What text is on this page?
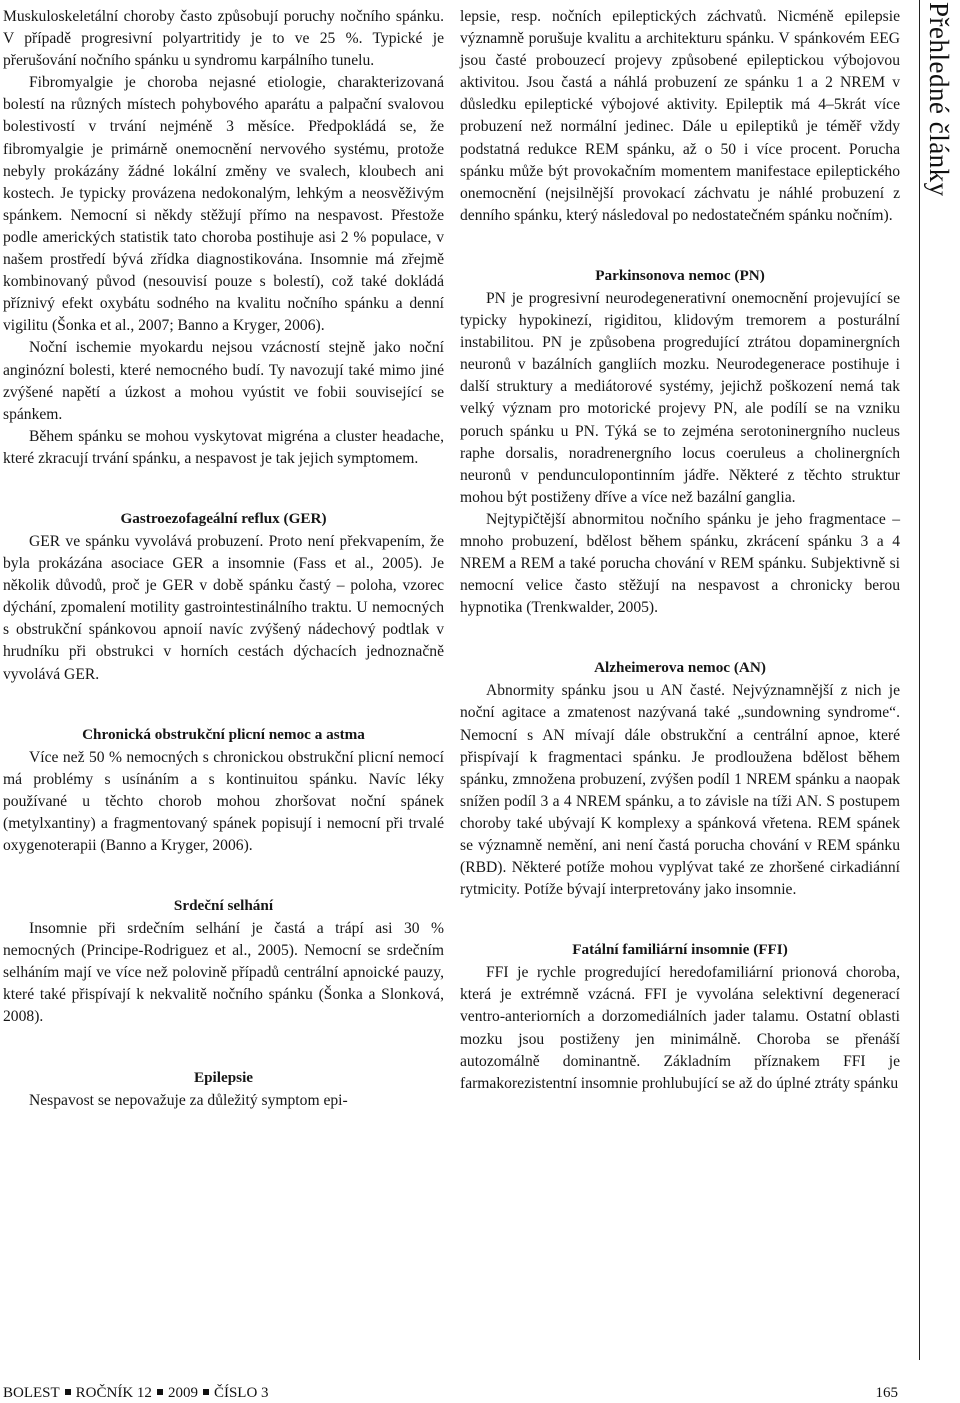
Muskuloskeletální choroby často způsobují poruchy nočního spánku. V případě progresivní polyartritidy je to ve 25 %. Typické je přerušování nočního spánku u syndromu karpálního tunelu.

Fibromyalgie je choroba nejasné etiologie, charakterizovaná bolestí na různých místech pohybového aparátu a palpační svalovou bolestivostí v trvání nejméně 3 měsíce. Předpokládá se, že fibromyalgie je primárně onemocnění nervového systému, protože nebyly prokázány žádné lokální změny ve svalech, kloubech ani kostech. Je typicky provázena nedokonalým, lehkým a neosvěživým spánkem. Nemocní si někdy stěžují přímo na nespavost. Přestože podle amerických statistik tato choroba postihuje asi 2 % populace, v našem prostředí bývá zřídka diagnostikována. Insomnie má zřejmě kombinovaný původ (nesouvisí pouze s bolestí), což také dokládá příznivý efekt oxybátu sodného na kvalitu nočního spánku a denní vigilitu (Šonka et al., 2007; Banno a Kryger, 2006).

Noční ischemie myokardu nejsou vzácností stejně jako noční anginózní bolesti, které nemocného budí. Ty navozují také mimo jiné zvýšené napětí a úzkost a mohou vyústit ve fobii související se spánkem.

Během spánku se mohou vyskytovat migréna a cluster headache, které zkracují trvání spánku, a nespavost je tak jejich symptomem.

Gastroezofageální reflux (GER)

GER ve spánku vyvolává probuzení. Proto není překvapením, že byla prokázána asociace GER a insomnie (Fass et al., 2005). Je několik důvodů, proč je GER v době spánku častý – poloha, vzorec dýchání, zpomalení motility gastrointestinálního traktu. U nemocných s obstrukční spánkovou apnoií navíc zvýšený nádechový podtlak v hrudníku při obstrukci v horních cestách dýchacích jednoznačně vyvolává GER.

Chronická obstrukční plicní nemoc a astma

Více než 50 % nemocných s chronickou obstrukční plicní nemocí má problémy s usínáním a s kontinuitou spánku. Navíc léky používané u těchto chorob mohou zhoršovat noční spánek (metylxantiny) a fragmentovaný spánek popisují i nemocní při trvalé oxygenoterapii (Banno a Kryger, 2006).

Srdeční selhání

Insomnie při srdečním selhání je častá a trápí asi 30 % nemocných (Principe-Rodriguez et al., 2005). Nemocní se srdečním selháním mají ve více než polovině případů centrální apnoické pauzy, které také přispívají k nekvalitě nočního spánku (Šonka a Slonková, 2008).

Epilepsie

Nespavost se nepovažuje za důležitý symptom epi-

lepsie, resp. nočních epileptických záchvatů. Nicméně epilepsie významně porušuje kvalitu a architekturu spánku. V spánkovém EEG jsou časté probouzecí projevy způsobené epileptickou výbojovou aktivitou. Jsou častá a náhlá probuzení ze spánku 1 a 2 NREM v důsledku epileptické výbojové aktivity. Epileptik má 4–5krát více probuzení než normální jedinec. Dále u epileptiků je téměř vždy podstatná redukce REM spánku, až o 50 i více procent. Porucha spánku může být provokačním momentem manifestace epileptického onemocnění (nejsilnější provokací záchvatu je náhlé probuzení z denního spánku, který následoval po nedostatečném spánku nočním).

Parkinsonova nemoc (PN)

PN je progresivní neurodegenerativní onemocnění projevující se typicky hypokinezí, rigiditou, klidovým tremorem a posturální instabilitou. PN je způsobena progredující ztrátou dopaminergních neuronů v bazálních gangliích mozku. Neurodegenerace postihuje i další struktury a mediátorové systémy, jejichž poškození nemá tak velký význam pro motorické projevy PN, ale podílí se na vzniku poruch spánku u PN. Týká se to zejména serotoninergního nucleus raphe dorsalis, noradrenergního locus coeruleus a cholinergních neuronů v pendunculopontinním jádře. Některé z těchto struktur mohou být postiženy dříve a více než bazální ganglia.

Nejtypičtější abnormitou nočního spánku je jeho fragmentace – mnoho probuzení, bdělost během spánku, zkrácení spánku 3 a 4 NREM a REM a také porucha chování v REM spánku. Subjektivně si nemocní velice často stěžují na nespavost a chronicky berou hypnotika (Trenkwalder, 2005).

Alzheimerova nemoc (AN)

Abnormity spánku jsou u AN časté. Nejvýznamnější z nich je noční agitace a zmatenost nazývaná také „sundowning syndrome“. Nemocní s AN mívají dále obstrukční a centrální apnoe, které přispívají k fragmentaci spánku. Je prodloužena bdělost během spánku, zmnožena probuzení, zvýšen podíl 1 NREM spánku a naopak snížen podíl 3 a 4 NREM spánku, a to závisle na tíži AN. S postupem choroby také ubývají K komplexy a spánková vřetena. REM spánek se významně nemění, ani není častá porucha chování v REM spánku (RBD). Některé potíže mohou vyplývat také ze zhoršené cirkadiánní rytmicity. Potíže bývají interpretovány jako insomnie.

Fatální familiární insomnie (FFI)

FFI je rychle progredující heredofamiliární prionová choroba, která je extrémně vzácná. FFI je vyvolána selektivní degenerací ventro-anteriorních a dorzomediálních jader talamu. Ostatní oblasti mozku jsou postiženy jen minimálně. Choroba se přenáší autozomálně dominantně. Základním příznakem FFI je farmakorezistentní insomnie prohlubující se až do úplné ztráty spánku

Přehledné články
BOLEST ROČNÍK 12 2009 ČÍSLO 3	165
